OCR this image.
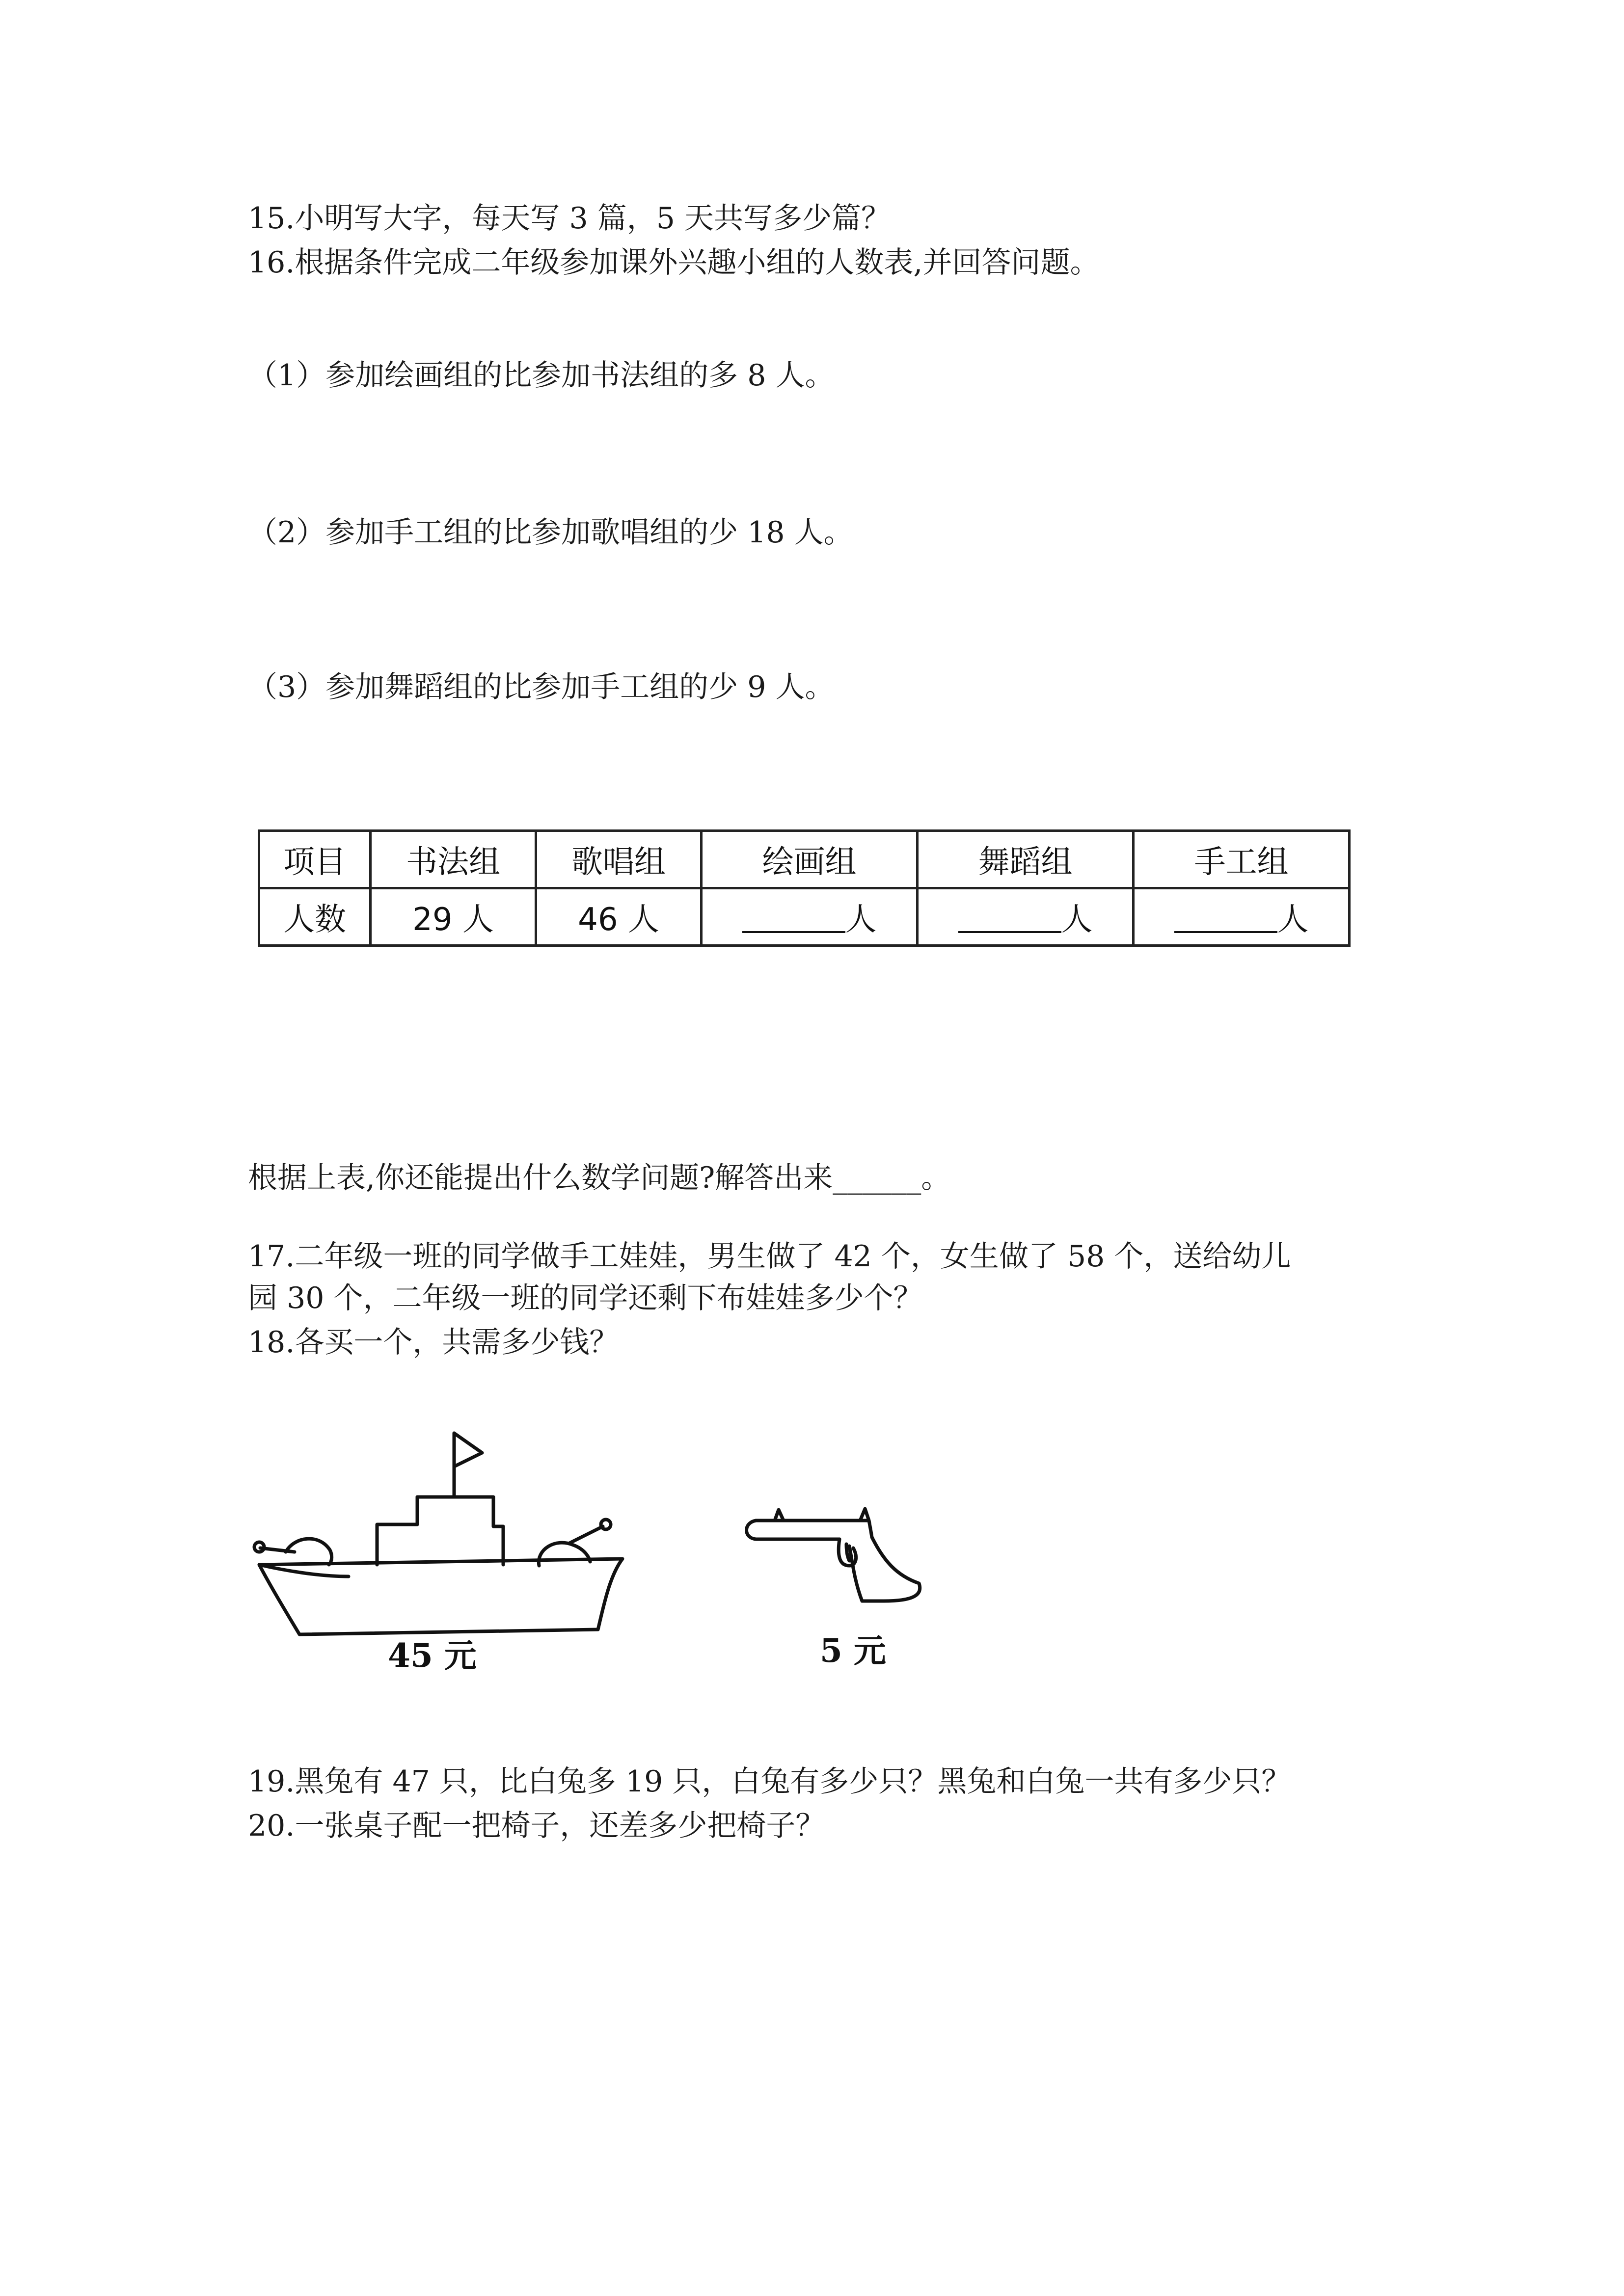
15.小明写大字，每天写 3 篇，5 天共写多少篇？
16.根据条件完成二年级参加课外兴趣小组的人数表,并回答问题。
（1）参加绘画组的比参加书法组的多 8 人。
（2）参加手工组的比参加歌唱组的少 18 人。
（3）参加舞蹈组的比参加手工组的少 9 人。
项目	书法组	歌唱组	绘画组	舞蹈组	手工组
人数	29 人	46 人	人	人	人
根据上表,你还能提出什么数学问题?解答出来______。
17.二年级一班的同学做手工娃娃，男生做了 42 个，女生做了 58 个，送给幼儿
园 30 个，二年级一班的同学还剩下布娃娃多少个？
18.各买一个，共需多少钱？
45 元	5 元
19.黑兔有 47 只，比白兔多 19 只，白兔有多少只？黑兔和白兔一共有多少只？
20.一张桌子配一把椅子，还差多少把椅子？
